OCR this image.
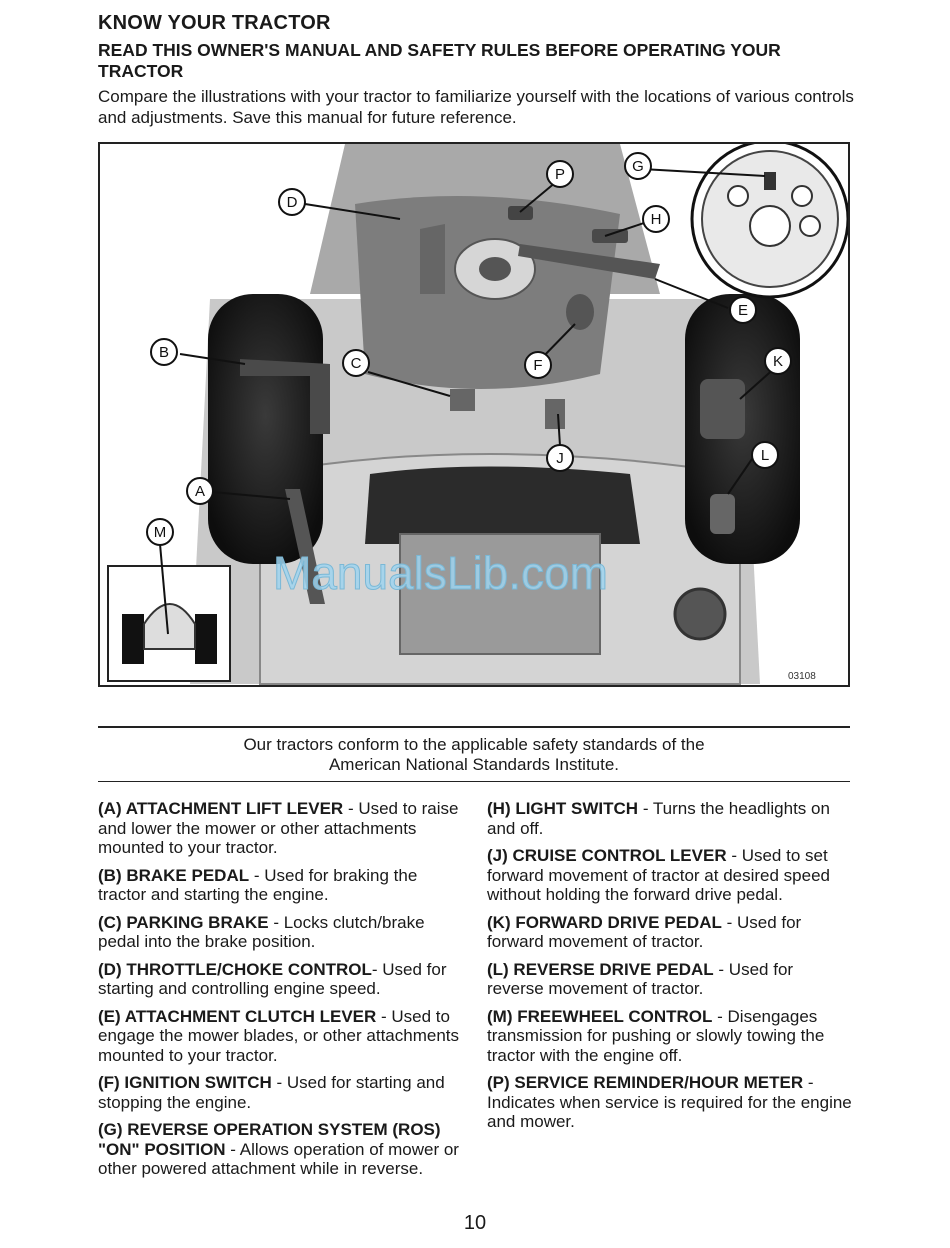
KNOW YOUR TRACTOR
READ THIS OWNER'S MANUAL AND SAFETY RULES BEFORE OPERATING YOUR TRACTOR
Compare the illustrations with your tractor to familiarize yourself with the locations of various controls and adjustments. Save this manual for future reference.
D
P	G
H
E
F
B
C	K
J	L
A
M
ManualsLib.com
03108
Our tractors conform to the applicable safety standards of the
American National Standards Institute.
(A) ATTACHMENT LIFT LEVER - Used to raise and lower the mower or other attachments mounted to your tractor.
(B) BRAKE PEDAL - Used for braking the tractor and starting the engine.
(C) PARKING BRAKE - Locks clutch/brake pedal into the brake position.
(D) THROTTLE/CHOKE CONTROL- Used for starting and controlling engine speed.
(E) ATTACHMENT CLUTCH LEVER - Used to engage the mower blades, or other attachments mounted to your tractor.
(F) IGNITION SWITCH - Used for starting and stopping the engine.
(G) REVERSE OPERATION SYSTEM (ROS) "ON" POSITION - Allows operation of mower or other powered attachment while in reverse.
(H) LIGHT SWITCH - Turns the headlights on and off.
(J) CRUISE CONTROL LEVER - Used to set forward movement of tractor at desired speed without holding the forward drive pedal.
(K) FORWARD DRIVE PEDAL - Used for forward movement of tractor.
(L) REVERSE DRIVE PEDAL - Used for reverse movement of tractor.
(M) FREEWHEEL CONTROL - Disengages transmission for pushing or slowly towing the tractor with the engine off.
(P) SERVICE REMINDER/HOUR METER - Indicates when service is required for the engine and mower.
10
